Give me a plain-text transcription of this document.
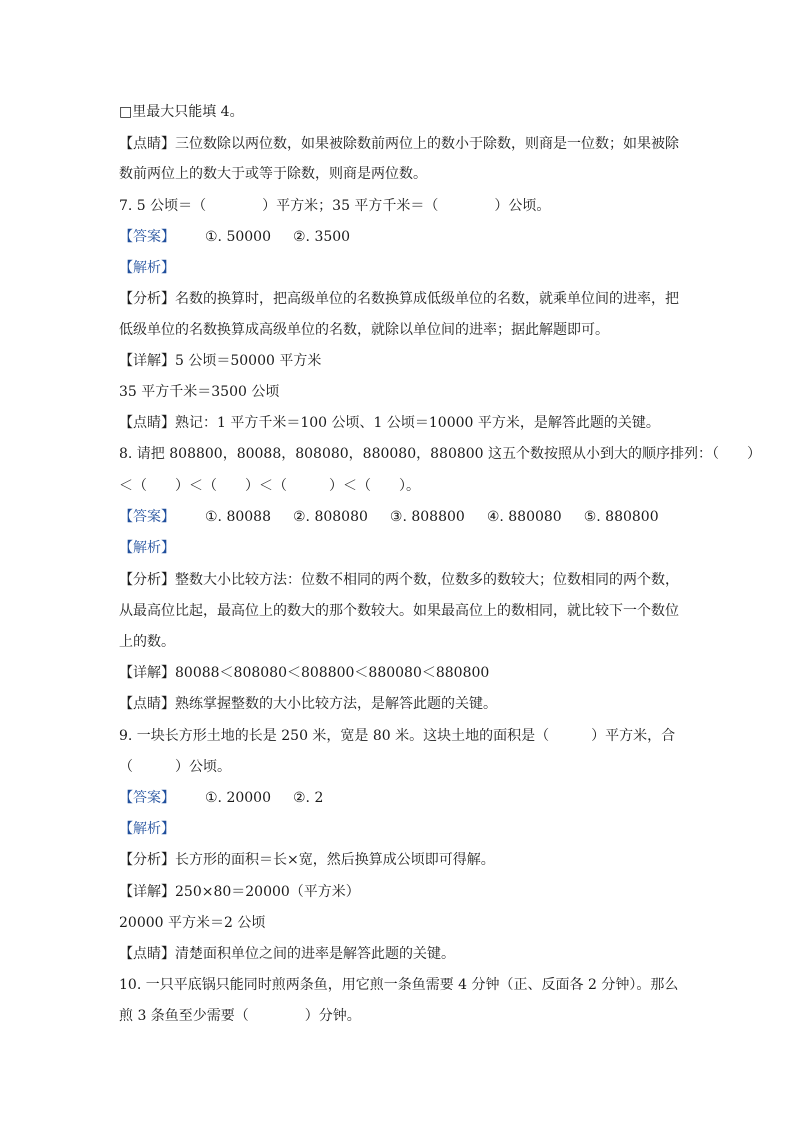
□里最大只能填 4。
【点睛】三位数除以两位数，如果被除数前两位上的数小于除数，则商是一位数；如果被除
数前两位上的数大于或等于除数，则商是两位数。
7. 5 公顷＝（　　　　）平方米；35 平方千米＝（　　　　）公顷。
【答案】 ①. 50000 ②. 3500
【解析】
【分析】名数的换算时，把高级单位的名数换算成低级单位的名数，就乘单位间的进率，把
低级单位的名数换算成高级单位的名数，就除以单位间的进率；据此解题即可。
【详解】5 公顷＝50000 平方米
35 平方千米＝3500 公顷
【点睛】熟记：1 平方千米＝100 公顷、1 公顷＝10000 平方米，是解答此题的关键。
8. 请把 808800，80088，808080，880080，880800 这五个数按照从小到大的顺序排列：（　　）
＜（　　）＜（　　）＜（　　　）＜（　　）。
【答案】 ①. 80088 ②. 808080 ③. 808800 ④. 880080 ⑤. 880800
【解析】
【分析】整数大小比较方法：位数不相同的两个数，位数多的数较大；位数相同的两个数，
从最高位比起，最高位上的数大的那个数较大。如果最高位上的数相同，就比较下一个数位
上的数。
【详解】80088＜808080＜808800＜880080＜880800
【点睛】熟练掌握整数的大小比较方法，是解答此题的关键。
9. 一块长方形土地的长是 250 米，宽是 80 米。这块土地的面积是（　　　）平方米，合
（　　　）公顷。
【答案】 ①. 20000 ②. 2
【解析】
【分析】长方形的面积＝长×宽，然后换算成公顷即可得解。
【详解】250×80＝20000（平方米）
20000 平方米＝2 公顷
【点睛】清楚面积单位之间的进率是解答此题的关键。
10. 一只平底锅只能同时煎两条鱼，用它煎一条鱼需要 4 分钟（正、反面各 2 分钟）。那么
煎 3 条鱼至少需要（　　　　）分钟。
